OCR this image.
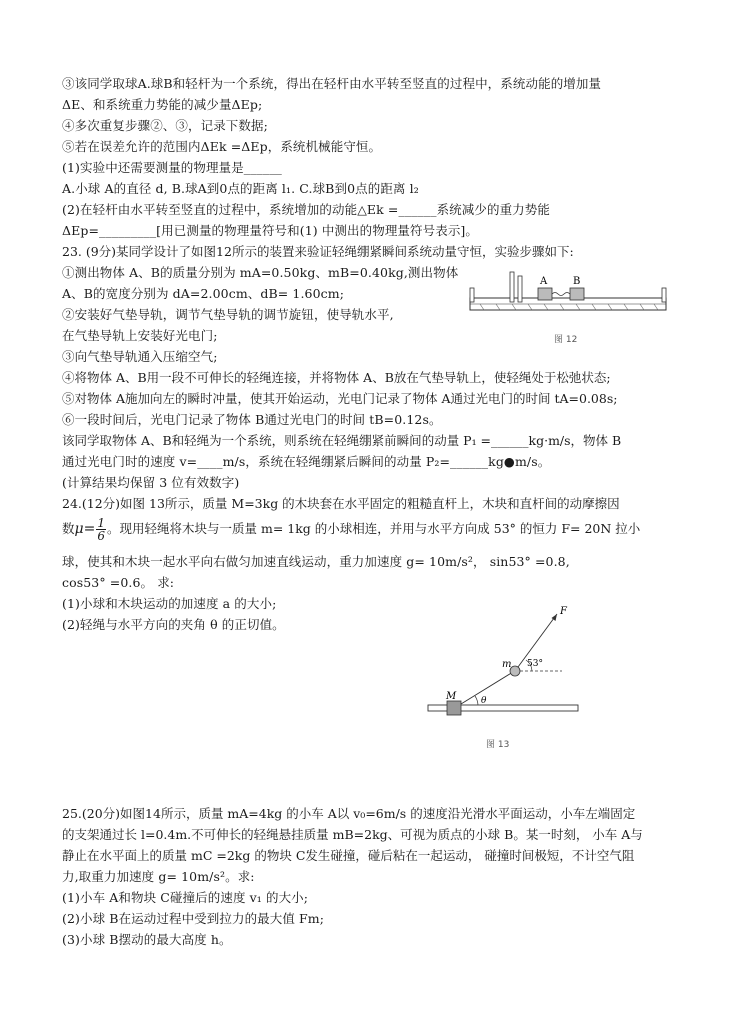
③该同学取球A.球B和轻杆为一个系统，得出在轻杆由水平转至竖直的过程中，系统动能的增加量
ΔE、和系统重力势能的减少量ΔEp;
④多次重复步骤②、③，记录下数据;
⑤若在误差允许的范围内ΔEk =ΔEp，系统机械能守恒。
(1)实验中还需要测量的物理量是______
A.小球 A的直径 d, B.球A到0点的距离 l₁. C.球B到0点的距离 l₂
(2)在轻杆由水平转至竖直的过程中，系统增加的动能△Ek =______系统减少的重力势能
ΔEp=_________[用已测量的物理量符号和(1) 中测出的物理量符号表示]。
23. (9分)某同学设计了如图12所示的装置来验证轻绳绷紧瞬间系统动量守恒，实验步骤如下:
①测出物体 A、B的质量分别为 mA=0.50kg、mB=0.40kg,测出物体
A、B的宽度分别为 dA=2.00cm、dB= 1.60cm;
②安装好气垫导轨，调节气垫导轨的调节旋钮，使导轨水平,
在气垫导轨上安装好光电门;
③向气垫导轨通入压缩空气;
④将物体 A、B用一段不可伸长的轻绳连接，并将物体 A、B放在气垫导轨上，使轻绳处于松弛状态;
⑤对物体 A施加向左的瞬时冲量，使其开始运动，光电门记录了物体 A通过光电门的时间 tA=0.08s;
⑥一段时间后，光电门记录了物体 B通过光电门的时间 tB=0.12s。
该同学取物体 A、B和轻绳为一个系统，则系统在轻绳绷紧前瞬间的动量 P₁ =______kg·m/s，物体 B
通过光电门时的速度 v=____m/s，系统在轻绳绷紧后瞬间的动量 P₂=______kg●m/s。
(计算结果均保留 3 位有效数字)
24.(12分)如图 13所示，质量 M=3kg 的木块套在水平固定的粗糙直杆上，木块和直杆间的动摩擦因
数$\mu= \frac{1}{6}$ 。现用轻绳将木块与一质量 m= 1kg 的小球相连，并用与水平方向成 53° 的恒力 F= 20N 拉小
球，使其和木块一起水平向右做匀加速直线运动，重力加速度 g= 10m/s²， sin53° =0.8,
cos53° =0.6。 求:
(1)小球和木块运动的加速度 a 的大小;
(2)轻绳与水平方向的夹角 θ 的正切值。
25.(20分)如图14所示，质量 mA=4kg 的小车 A以 v₀=6m/s 的速度沿光滑水平面运动，小车左端固定
的支架通过长 l=0.4m.不可伸长的轻绳悬挂质量 mB=2kg、可视为质点的小球 B。某一时刻， 小车 A与
静止在水平面上的质量 mC =2kg 的物块 C发生碰撞，碰后粘在一起运动， 碰撞时间极短，不计空气阻
力,取重力加速度 g= 10m/s²。求:
(1)小车 A和物块 C碰撞后的速度 v₁ 的大小;
(2)小球 B在运动过程中受到拉力的最大值 Fm;
(3)小球 B摆动的最大高度 h。
A	B
图 12
M	θ
m
F
53°
图 13
